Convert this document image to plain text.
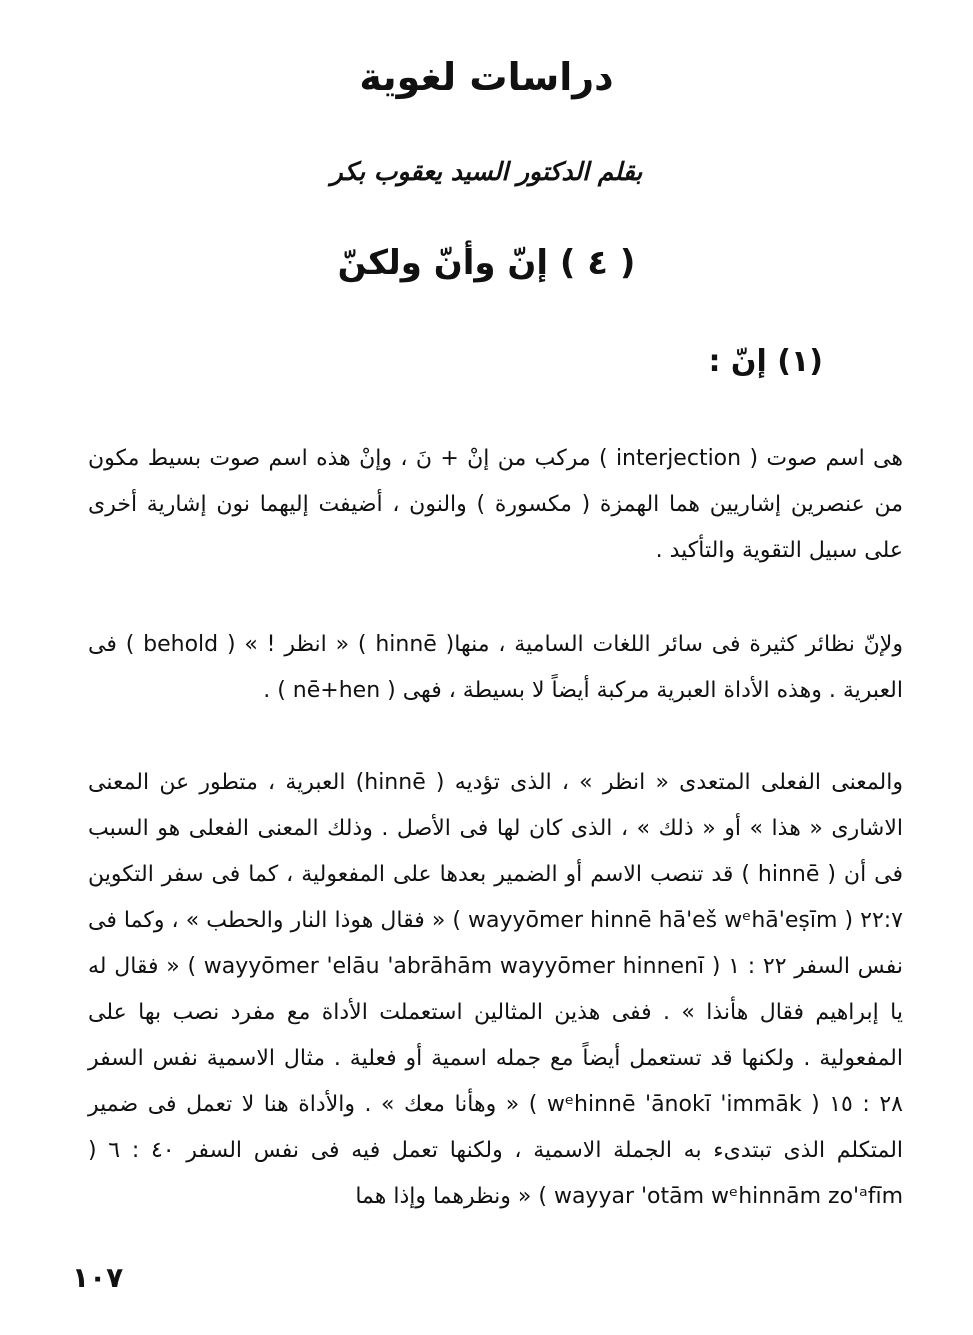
دراسات لغوية
بقلم الدكتور السيد يعقوب بكر
( ٤ ) إنّ وأنّ ولكنّ
(١) إنّ :

هى اسم صوت ( interjection ) مركب من إنْ + نَ ، وإنْ هذه اسم صوت بسيط مكون من عنصرين إشاريين هما الهمزة ( مكسورة ) والنون ، أضيفت إليهما نون إشارية أخرى على سبيل التقوية والتأكيد .

ولإنّ نظائر كثيرة فى سائر اللغات السامية ، منها( hinnē ) « انظر ! » ( behold ) فى العبرية . وهذه الأداة العبرية مركبة أيضاً لا بسيطة ، فهى ( nē+hen ) .

والمعنى الفعلى المتعدى « انظر » ، الذى تؤديه ( hinnē) العبرية ، متطور عن المعنى الاشارى « هذا » أو « ذلك » ، الذى كان لها فى الأصل . وذلك المعنى الفعلى هو السبب فى أن ( hinnē ) قد تنصب الاسم أو الضمير بعدها على المفعولية ، كما فى سفر التكوين ٢٢:٧ ( wayyōmer hinnē hā'eš wᵉhā'eṣīm ) « فقال هوذا النار والحطب » ، وكما فى نفس السفر ٢٢ : ١ ( wayyōmer 'elāu 'abrāhām wayyōmer hinnenī ) « فقال له يا إبراهيم فقال هأنذا » . ففى هذين المثالين استعملت الأداة مع مفرد نصب بها على المفعولية . ولكنها قد تستعمل أيضاً مع جمله اسمية أو فعلية . مثال الاسمية نفس السفر ٢٨ : ١٥ ( wᵉhinnē 'ānokī 'immāk ) « وهأنا معك » . والأداة هنا لا تعمل فى ضمير المتكلم الذى تبتدىء به الجملة الاسمية ، ولكنها تعمل فيه فى نفس السفر ٤٠ : ٦ ( wayyar 'otām wᵉhinnām zo'ᵃfīm ) « ونظرهما وإذا هما

١٠٧
